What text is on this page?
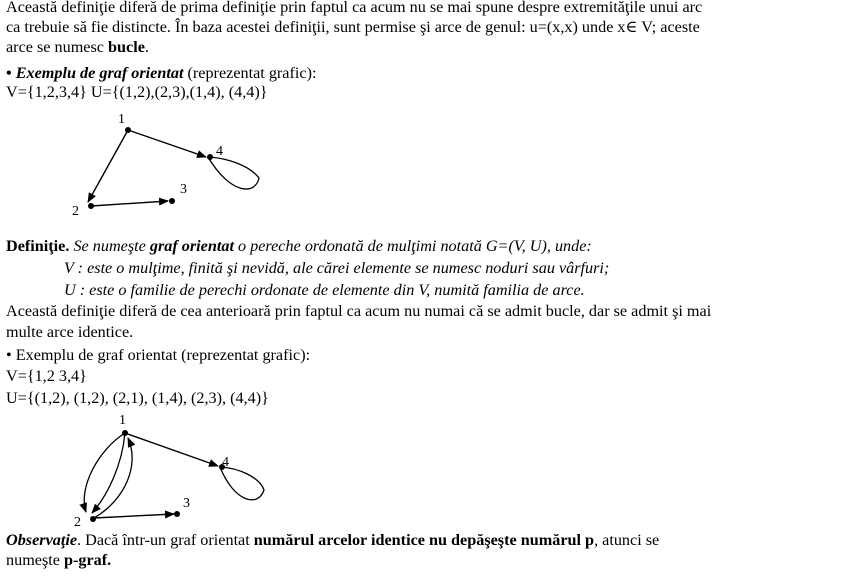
Această definiţie diferă de prima definiţie prin faptul ca acum nu se mai spune despre extremităţile unui arc
ca trebuie să fie distincte. În baza acestei definiţii, sunt permise şi arce de genul: u=(x,x) unde x∈ V; aceste
arce se numesc bucle.
• Exemplu de graf orientat (reprezentat grafic):
V={1,2,3,4} U={(1,2),(2,3),(1,4), (4,4)}
1
2
3
4
Definiţie. Se numeşte graf orientat o pereche ordonată de mulţimi notată G=(V, U), unde:
V : este o mulţime, finită şi nevidă, ale cărei elemente se numesc noduri sau vârfuri;
U : este o familie de perechi ordonate de elemente din V, numită familia de arce.
Această definiţie diferă de cea anterioară prin faptul ca acum nu numai că se admit bucle, dar se admit şi mai
multe arce identice.
• Exemplu de graf orientat (reprezentat grafic):
V={1,2 3,4}
U={(1,2), (1,2), (2,1), (1,4), (2,3), (4,4)}
1
2
3
4
Observaţie. Dacă într-un graf orientat numărul arcelor identice nu depăşeşte numărul p, atunci se
numeşte p-graf.
